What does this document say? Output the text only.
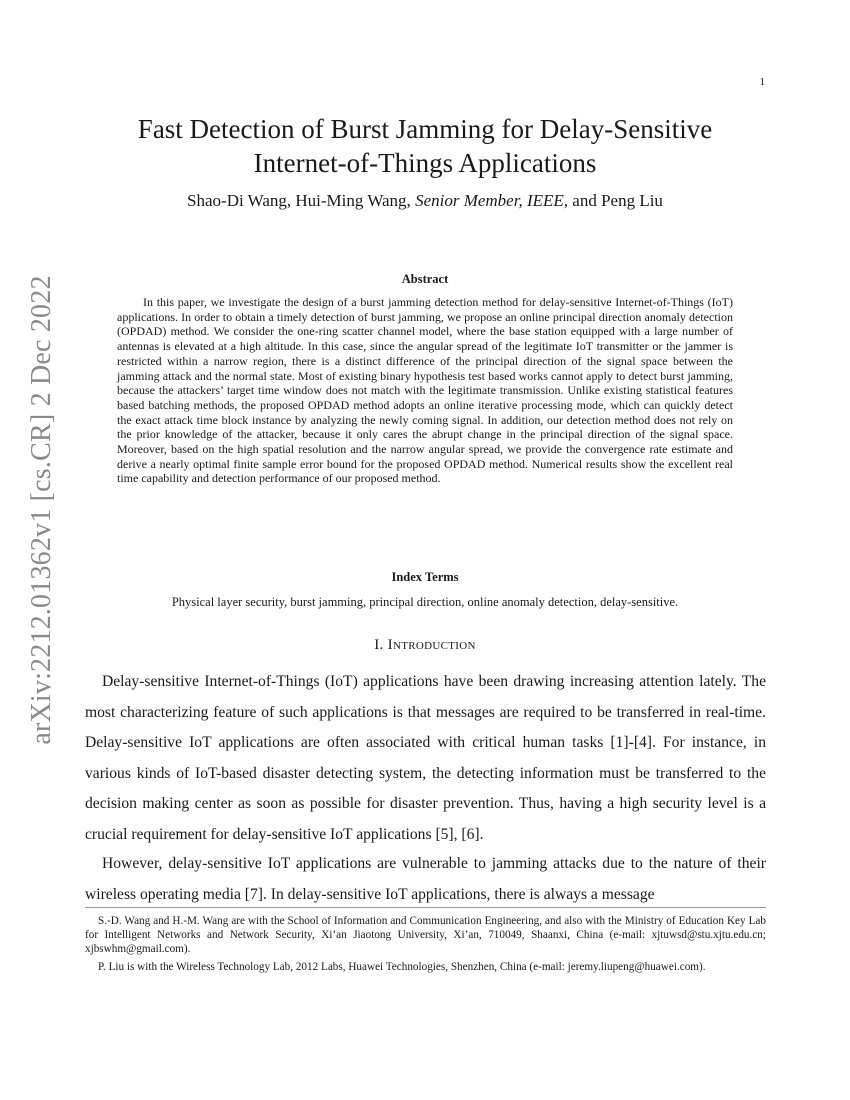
1
arXiv:2212.01362v1 [cs.CR] 2 Dec 2022
Fast Detection of Burst Jamming for Delay-Sensitive
Internet-of-Things Applications
Shao-Di Wang, Hui-Ming Wang, Senior Member, IEEE, and Peng Liu
Abstract

In this paper, we investigate the design of a burst jamming detection method for delay-sensitive Internet-of-Things (IoT) applications. In order to obtain a timely detection of burst jamming, we propose an online principal direction anomaly detection (OPDAD) method. We consider the one-ring scatter channel model, where the base station equipped with a large number of antennas is elevated at a high altitude. In this case, since the angular spread of the legitimate IoT transmitter or the jammer is restricted within a narrow region, there is a distinct difference of the principal direction of the signal space between the jamming attack and the normal state. Most of existing binary hypothesis test based works cannot apply to detect burst jamming, because the attackers’ target time window does not match with the legitimate transmission. Unlike existing statistical features based batching methods, the proposed OPDAD method adopts an online iterative processing mode, which can quickly detect the exact attack time block instance by analyzing the newly coming signal. In addition, our detection method does not rely on the prior knowledge of the attacker, because it only cares the abrupt change in the principal direction of the signal space. Moreover, based on the high spatial resolution and the narrow angular spread, we provide the convergence rate estimate and derive a nearly optimal finite sample error bound for the proposed OPDAD method. Numerical results show the excellent real time capability and detection performance of our proposed method.

Index Terms
Physical layer security, burst jamming, principal direction, online anomaly detection, delay-sensitive.
I. Introduction

Delay-sensitive Internet-of-Things (IoT) applications have been drawing increasing attention lately. The most characterizing feature of such applications is that messages are required to be transferred in real-time. Delay-sensitive IoT applications are often associated with critical human tasks [1]-[4]. For instance, in various kinds of IoT-based disaster detecting system, the detecting information must be transferred to the decision making center as soon as possible for disaster prevention. Thus, having a high security level is a crucial requirement for delay-sensitive IoT applications [5], [6].

However, delay-sensitive IoT applications are vulnerable to jamming attacks due to the nature of their wireless operating media [7]. In delay-sensitive IoT applications, there is always a message

S.-D. Wang and H.-M. Wang are with the School of Information and Communication Engineering, and also with the Ministry of Education Key Lab for Intelligent Networks and Network Security, Xi’an Jiaotong University, Xi’an, 710049, Shaanxi, China (e-mail: xjtuwsd@stu.xjtu.edu.cn; xjbswhm@gmail.com).

P. Liu is with the Wireless Technology Lab, 2012 Labs, Huawei Technologies, Shenzhen, China (e-mail: jeremy.liupeng@huawei.com).
